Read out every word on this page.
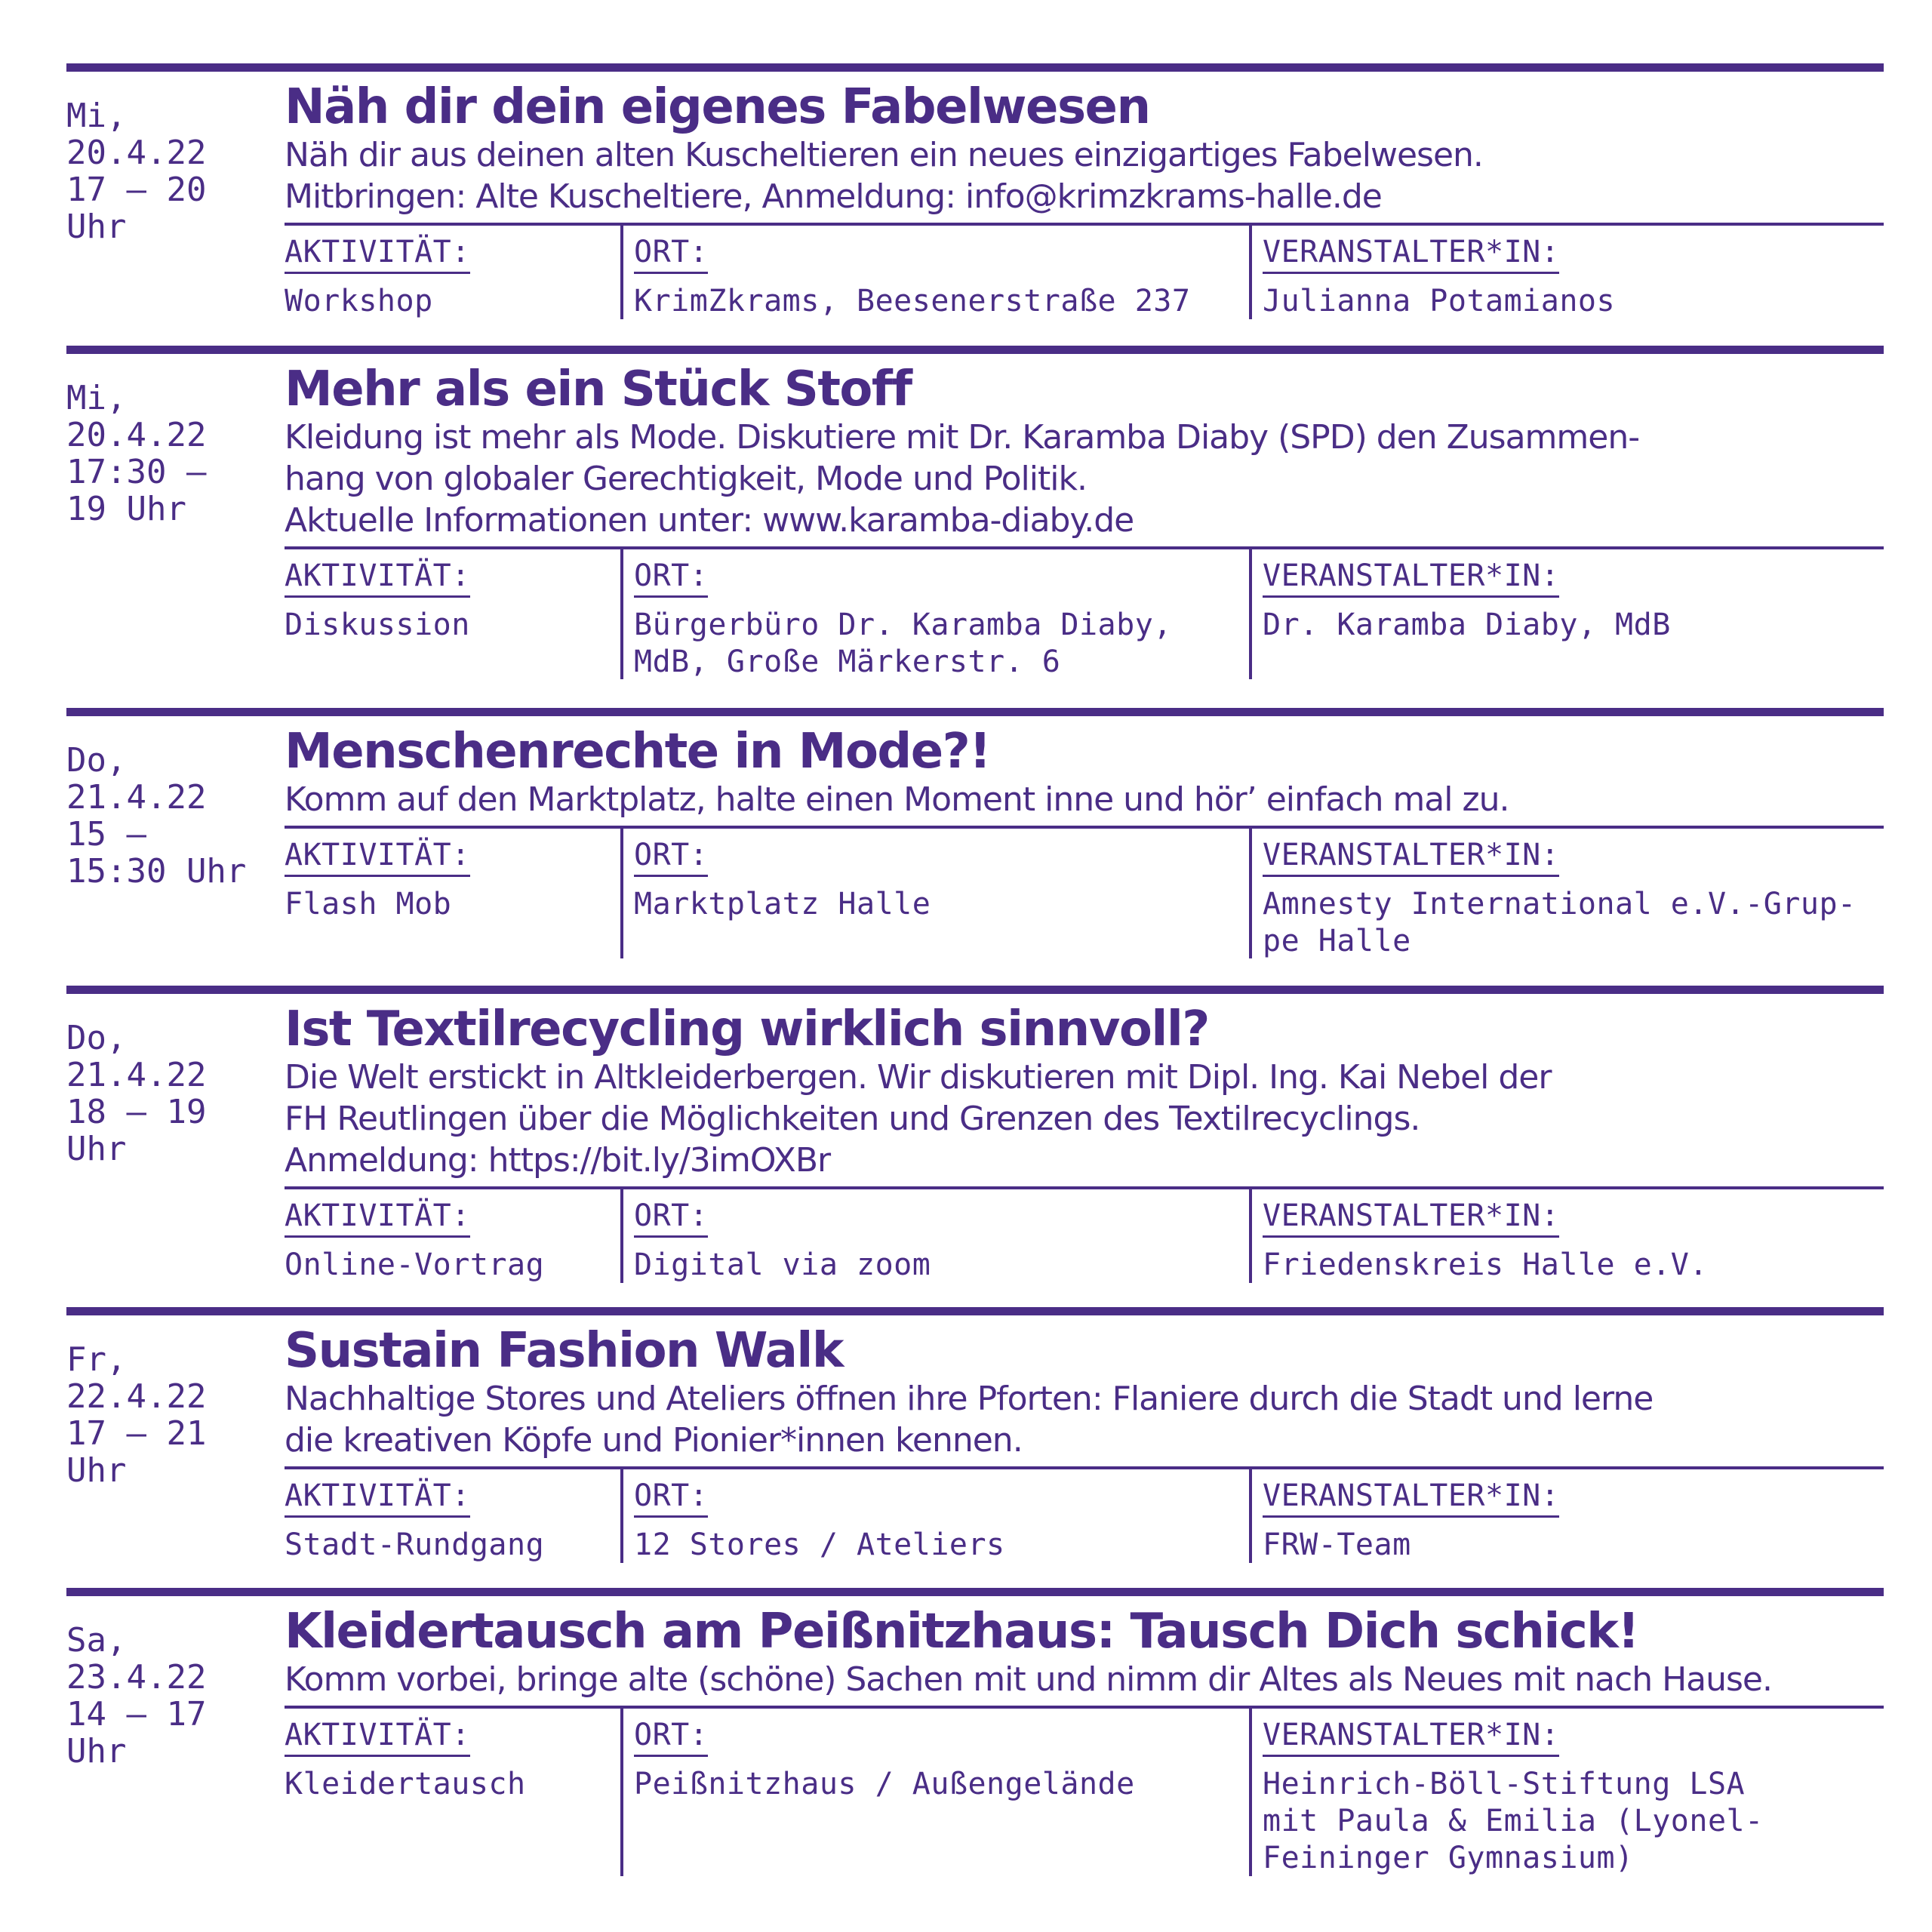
Mi,
20.4.22
17 – 20 Uhr
Näh dir dein eigenes Fabelwesen
Näh dir aus deinen alten Kuscheltieren ein neues einzigartiges Fabelwesen.
Mitbringen: Alte Kuscheltiere, Anmeldung: info@krimzkrams-halle.de
AKTIVITÄT:
Workshop
ORT:
KrimZkrams, Beesenerstraße 237
VERANSTALTER*IN:
Julianna Potamianos
Mi,
20.4.22
17:30 –
19 Uhr
Mehr als ein Stück Stoff
Kleidung ist mehr als Mode. Diskutiere mit Dr. Karamba Diaby (SPD) den Zusammen-
hang von globaler Gerechtigkeit, Mode und Politik.
Aktuelle Informationen unter: www.karamba-diaby.de
AKTIVITÄT:
Diskussion
ORT:
Bürgerbüro Dr. Karamba Diaby,
MdB, Große Märkerstr. 6
VERANSTALTER*IN:
Dr. Karamba Diaby, MdB
Do,
21.4.22
15 –
15:30 Uhr
Menschenrechte in Mode?!
Komm auf den Marktplatz, halte einen Moment inne und hör’ einfach mal zu.
AKTIVITÄT:
Flash Mob
ORT:
Marktplatz Halle
VERANSTALTER*IN:
Amnesty International e.V.-Grup-
pe Halle
Do,
21.4.22
18 – 19 Uhr
Ist Textilrecycling wirklich sinnvoll?
Die Welt erstickt in Altkleiderbergen. Wir diskutieren mit Dipl. Ing. Kai Nebel der
FH Reutlingen über die Möglichkeiten und Grenzen des Textilrecyclings.
Anmeldung: https://bit.ly/3imOXBr
AKTIVITÄT:
Online-Vortrag
ORT:
Digital via zoom
VERANSTALTER*IN:
Friedenskreis Halle e.V.
Fr,
22.4.22
17 – 21 Uhr
Sustain Fashion Walk
Nachhaltige Stores und Ateliers öffnen ihre Pforten: Flaniere durch die Stadt und lerne
die kreativen Köpfe und Pionier*innen kennen.
AKTIVITÄT:
Stadt-Rundgang
ORT:
12 Stores / Ateliers
VERANSTALTER*IN:
FRW-Team
Sa,
23.4.22
14 – 17 Uhr
Kleidertausch am Peißnitzhaus: Tausch Dich schick!
Komm vorbei, bringe alte (schöne) Sachen mit und nimm dir Altes als Neues mit nach Hause.
AKTIVITÄT:
Kleidertausch
ORT:
Peißnitzhaus / Außengelände
VERANSTALTER*IN:
Heinrich-Böll-Stiftung LSA
mit Paula & Emilia (Lyonel-
Feininger Gymnasium)
